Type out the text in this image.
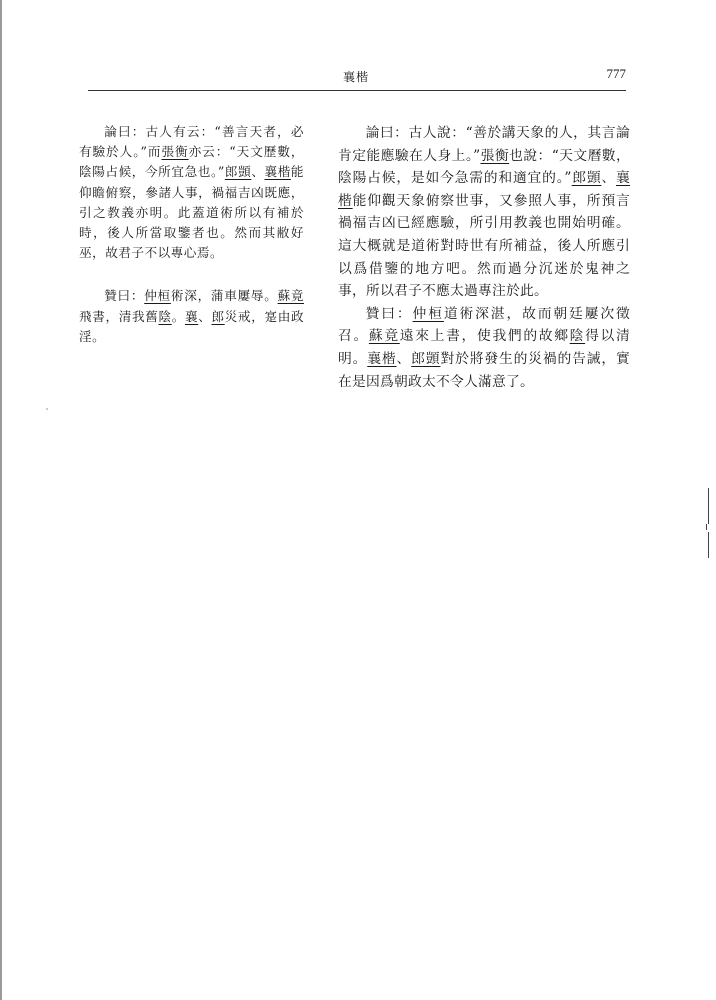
襄楷	777

論曰：古人有云：“善言天者，必有驗於人。”而張衡亦云：“天文歷數，陰陽占候，今所宜急也。”郎顗、襄楷能仰瞻俯察，參諸人事，禍福吉凶既應，引之教義亦明。此蓋道術所以有補於時，後人所當取鑒者也。然而其敝好巫，故君子不以專心焉。

贊曰：仲桓術深，蒲車屢辱。蘇竟飛書，清我舊陰。襄、郎災戒，寔由政淫。

論曰：古人說：“善於講天象的人，其言論肯定能應驗在人身上。”張衡也說：“天文曆數，陰陽占候，是如今急需的和適宜的。”郎顗、襄楷能仰觀天象俯察世事，又參照人事，所預言禍福吉凶已經應驗，所引用教義也開始明確。這大概就是道術對時世有所補益，後人所應引以爲借鑒的地方吧。然而過分沉迷於鬼神之事，所以君子不應太過專注於此。

贊曰：仲桓道術深湛，故而朝廷屢次徵召。蘇竟遠來上書，使我們的故鄉陰得以清明。襄楷、郎顗對於將發生的災禍的告誡，實在是因爲朝政太不令人滿意了。
